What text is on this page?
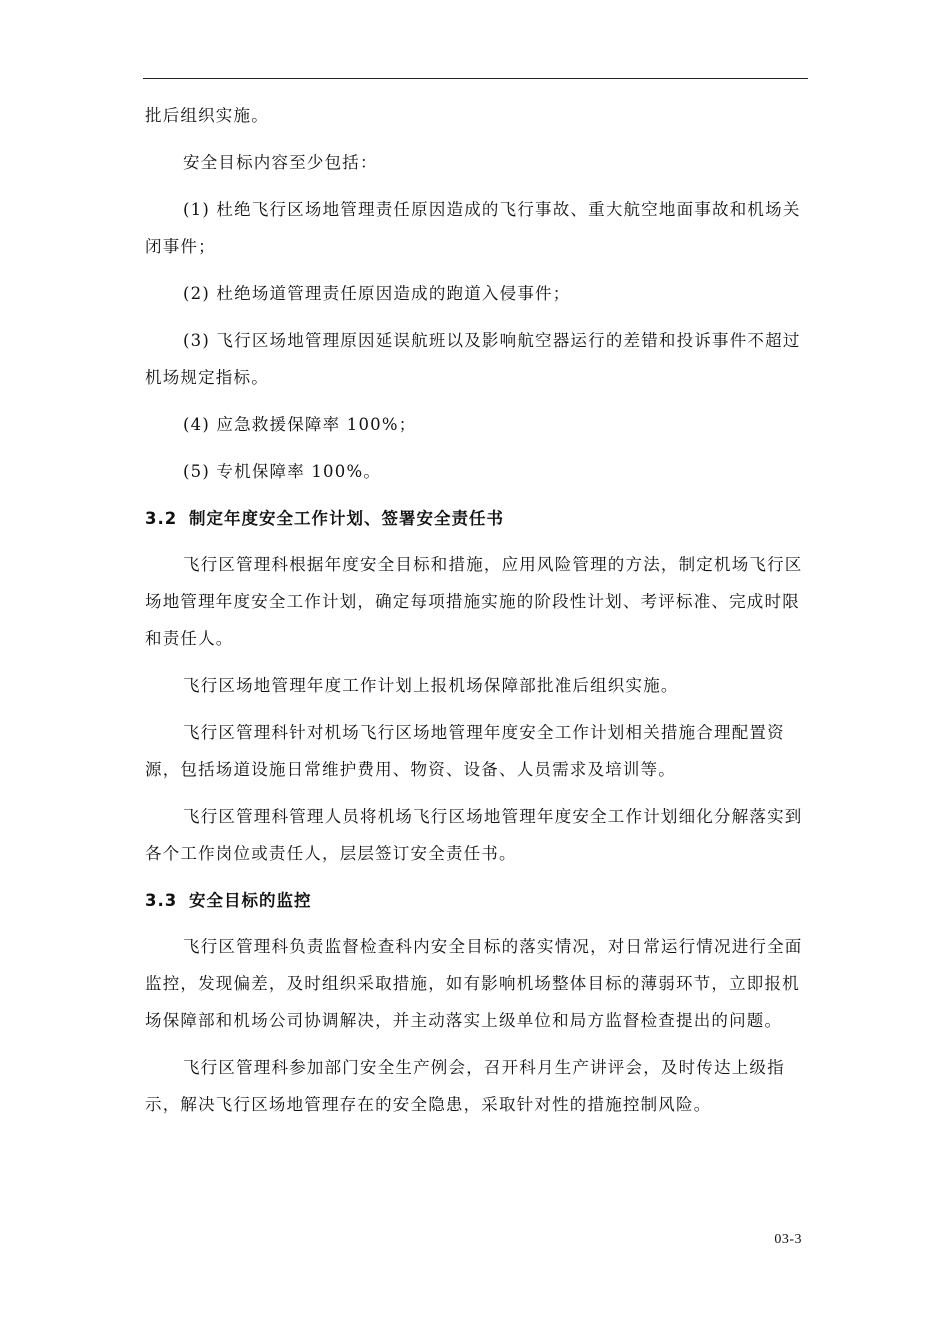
批后组织实施。

安全目标内容至少包括：

(1) 杜绝飞行区场地管理责任原因造成的飞行事故、重大航空地面事故和机场关闭事件；

(2) 杜绝场道管理责任原因造成的跑道入侵事件；

(3) 飞行区场地管理原因延误航班以及影响航空器运行的差错和投诉事件不超过机场规定指标。

(4) 应急救援保障率 100%；

(5) 专机保障率 100%。

3.2 制定年度安全工作计划、签署安全责任书

飞行区管理科根据年度安全目标和措施，应用风险管理的方法，制定机场飞行区场地管理年度安全工作计划，确定每项措施实施的阶段性计划、考评标准、完成时限和责任人。

飞行区场地管理年度工作计划上报机场保障部批准后组织实施。

飞行区管理科针对机场飞行区场地管理年度安全工作计划相关措施合理配置资源，包括场道设施日常维护费用、物资、设备、人员需求及培训等。

飞行区管理科管理人员将机场飞行区场地管理年度安全工作计划细化分解落实到各个工作岗位或责任人，层层签订安全责任书。

3.3 安全目标的监控

飞行区管理科负责监督检查科内安全目标的落实情况，对日常运行情况进行全面监控，发现偏差，及时组织采取措施，如有影响机场整体目标的薄弱环节，立即报机场保障部和机场公司协调解决，并主动落实上级单位和局方监督检查提出的问题。

飞行区管理科参加部门安全生产例会，召开科月生产讲评会，及时传达上级指示，解决飞行区场地管理存在的安全隐患，采取针对性的措施控制风险。

03-3
